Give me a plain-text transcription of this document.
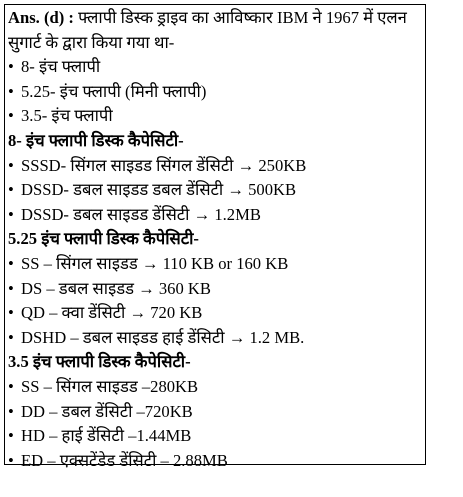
Ans. (d) : फ्लापी डिस्क ड्राइव का आविष्कार IBM ने 1967 में एलन सुगार्ट के द्वारा किया गया था-
• 8- इंच फ्लापी
• 5.25- इंच फ्लापी (मिनी फ्लापी)
• 3.5- इंच फ्लापी
8- इंच फ्लापी डिस्क कैपेसिटी-
• SSSD- सिंगल साइडड सिंगल डेंसिटी → 250KB
• DSSD- डबल साइडड डबल डेंसिटी → 500KB
• DSSD- डबल साइडड डेंसिटी → 1.2MB
5.25 इंच फ्लापी डिस्क कैपेसिटी-
• SS – सिंगल साइडड → 110 KB or 160 KB
• DS – डबल साइडड → 360 KB
• QD – क्वा डेंसिटी → 720 KB
• DSHD – डबल साइडड हाई डेंसिटी → 1.2 MB.
3.5 इंच फ्लापी डिस्क कैपेसिटी-
• SS – सिंगल साइडड –280KB
• DD – डबल डेंसिटी –720KB
• HD – हाई डेंसिटी –1.44MB
• ED – एक्सटेंडेड डेंसिटी – 2.88MB
